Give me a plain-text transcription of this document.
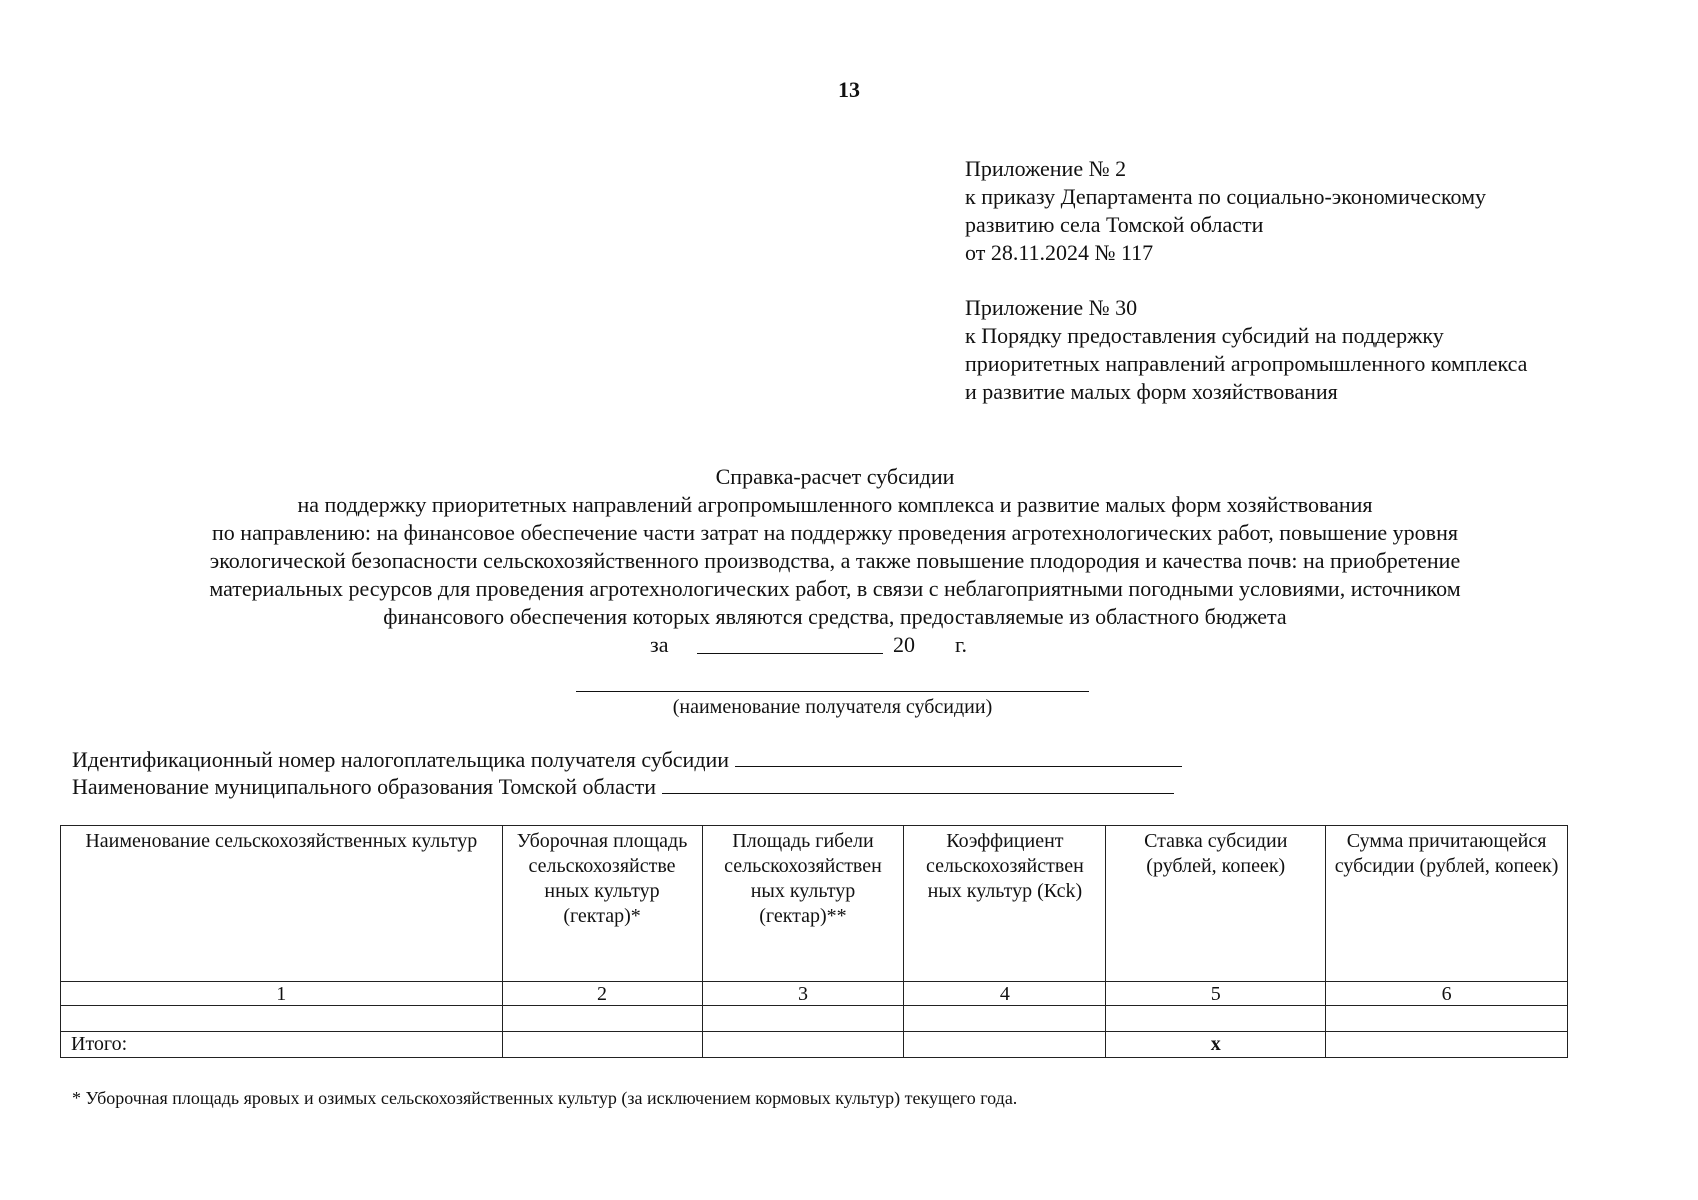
13
Приложение № 2
к приказу Департамента по социально-экономическому
развитию села Томской области
от 28.11.2024 № 117
Приложение № 30
к Порядку предоставления субсидий на поддержку
приоритетных направлений агропромышленного комплекса
и развитие малых форм хозяйствования
Справка-расчет субсидии
на поддержку приоритетных направлений агропромышленного комплекса и развитие малых форм хозяйствования
по направлению: на финансовое обеспечение части затрат на поддержку проведения агротехнологических работ, повышение уровня
экологической безопасности сельскохозяйственного производства, а также повышение плодородия и качества почв: на приобретение
материальных ресурсов для проведения агротехнологических работ, в связи с неблагоприятными погодными условиями, источником
финансового обеспечения которых являются средства, предоставляемые из областного бюджета
за	20 г.
(наименование получателя субсидии)
Идентификационный номер налогоплательщика получателя субсидии
Наименование муниципального образования Томской области
Наименование сельскохозяйственных культур	Уборочная площадь сельскохозяйстве нных культур (гектар)*	Площадь гибели сельскохозяйствен ных культур (гектар)**	Коэффициент сельскохозяйствен ных культур (Ксk)	Ставка субсидии (рублей, копеек)	Сумма причитающейся субсидии (рублей, копеек)
1	2	3	4	5	6

Итого:				х	
* Уборочная площадь яровых и озимых сельскохозяйственных культур (за исключением кормовых культур) текущего года.
